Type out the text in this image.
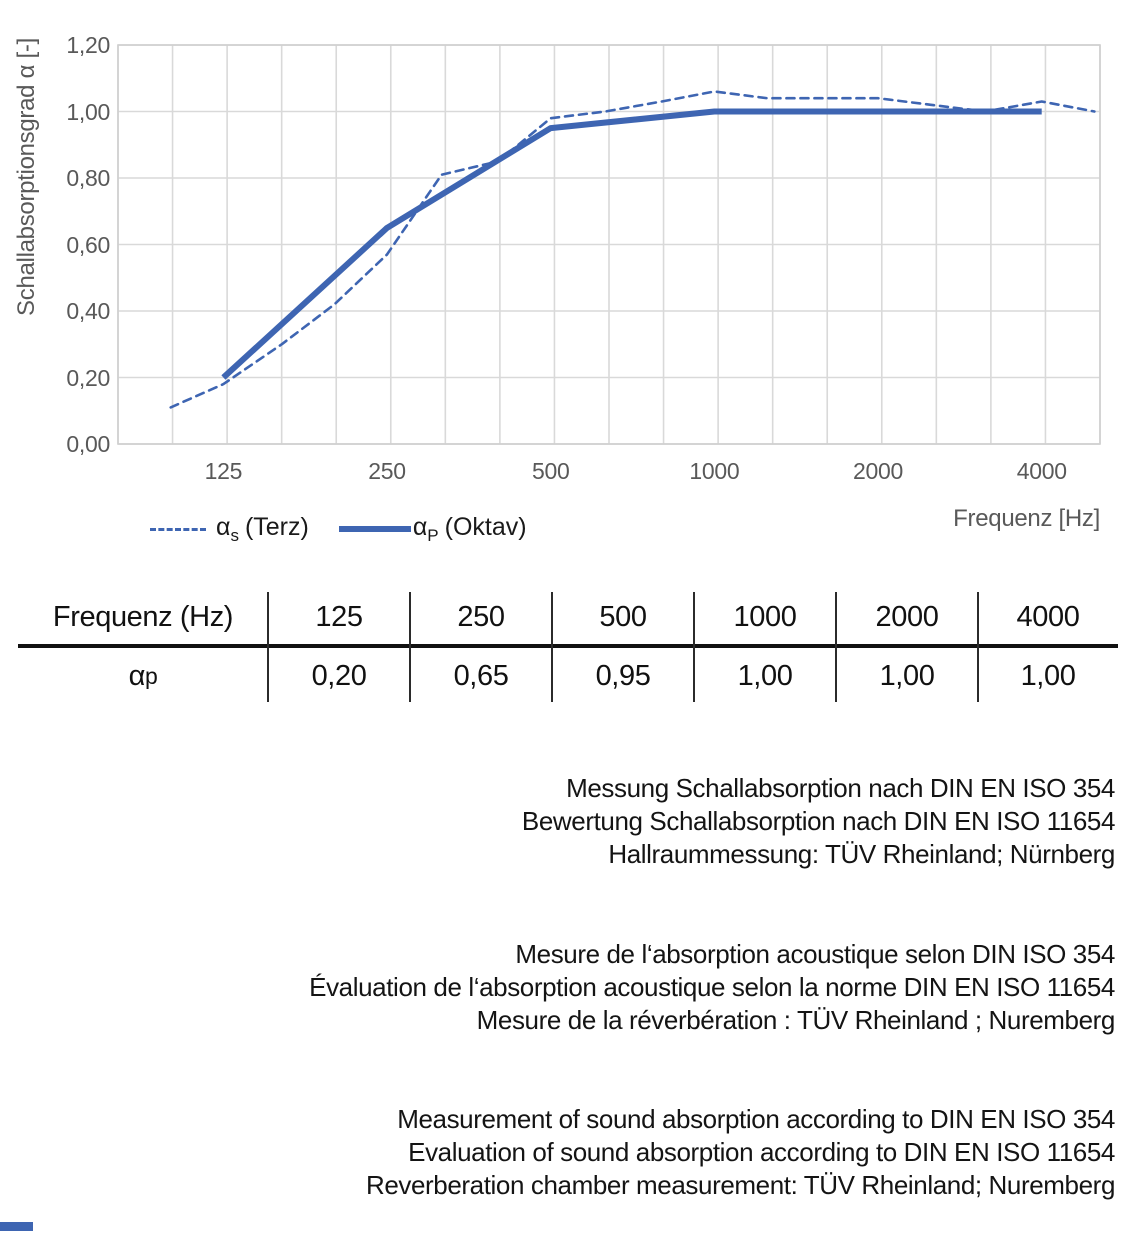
Schallabsorptionsgrad α [-]
0,00
0,20
0,40
0,60
0,80
1,00
1,20
125	250	500	1000	2000	4000
Frequenz [Hz]
$\alpha_s$ (Terz)	$\alpha_P$ (Oktav)
Frequenz (Hz)	125	250	500	1000	2000	4000
α p	0,20	0,65	0,95	1,00	1,00	1,00
Messung Schallabsorption nach DIN EN ISO 354
Bewertung Schallabsorption nach DIN EN ISO 11654
Hallraummessung: TÜV Rheinland; Nürnberg
Mesure de l‘absorption acoustique selon DIN ISO 354
Évaluation de l‘absorption acoustique selon la norme DIN EN ISO 11654
Mesure de la réverbération : TÜV Rheinland ; Nuremberg
Measurement of sound absorption according to DIN EN ISO 354
Evaluation of sound absorption according to DIN EN ISO 11654
Reverberation chamber measurement: TÜV Rheinland; Nuremberg
